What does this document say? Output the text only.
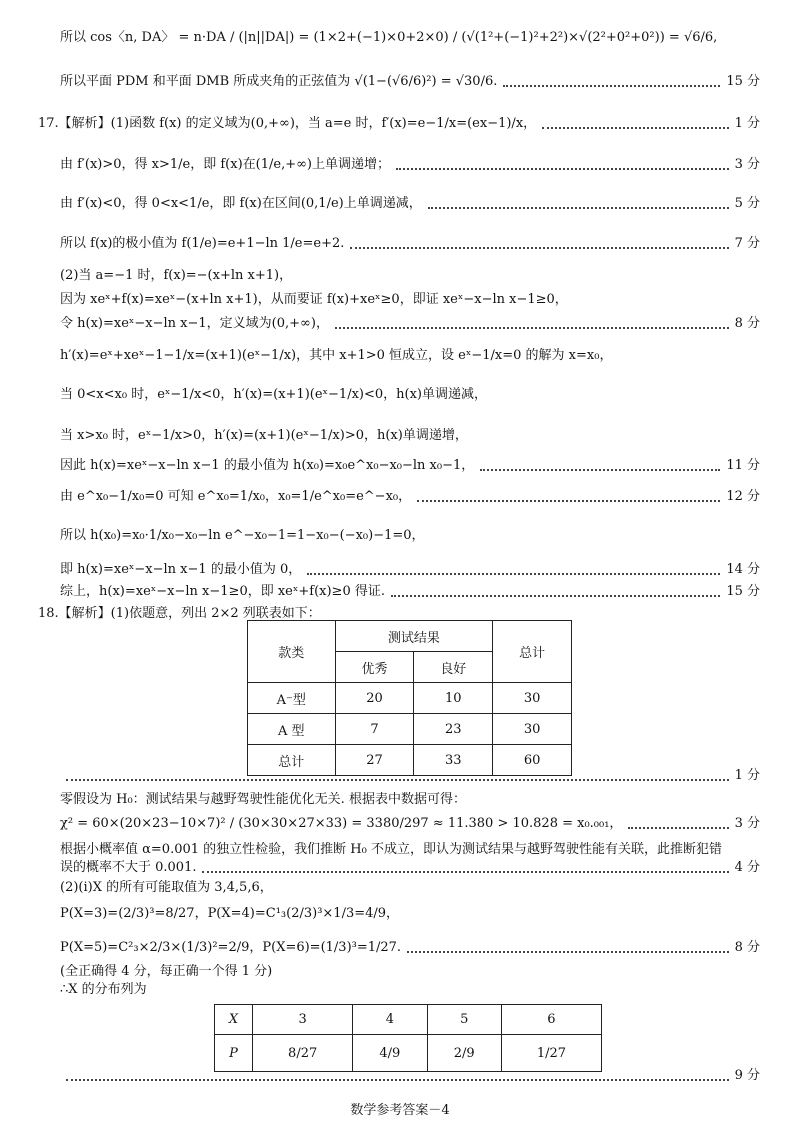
所以 cos〈n, DA〉 = n·DA / (|n||DA|) = (1×2+(−1)×0+2×0) / (√(1²+(−1)²+2²)×√(2²+0²+0²)) = √6/6,
所以平面 PDM 和平面 DMB 所成夹角的正弦值为 √(1−(√6/6)²) = √30/6.	15 分
17.【解析】(1)函数 f(x) 的定义域为(0,+∞)，当 a=e 时，f′(x)=e−1/x=(ex−1)/x，	1 分
由 f′(x)>0，得 x>1/e，即 f(x)在(1/e,+∞)上单调递增；	3 分
由 f′(x)<0，得 0<x<1/e，即 f(x)在区间(0,1/e)上单调递减，	5 分
所以 f(x)的极小值为 f(1/e)=e+1−ln 1/e=e+2.	7 分
(2)当 a=−1 时，f(x)=−(x+ln x+1)，
因为 xeˣ+f(x)=xeˣ−(x+ln x+1)，从而要证 f(x)+xeˣ≥0，即证 xeˣ−x−ln x−1≥0，
令 h(x)=xeˣ−x−ln x−1，定义域为(0,+∞)，	8 分
h′(x)=eˣ+xeˣ−1−1/x=(x+1)(eˣ−1/x)，其中 x+1>0 恒成立，设 eˣ−1/x=0 的解为 x=x₀，
当 0<x<x₀ 时，eˣ−1/x<0，h′(x)=(x+1)(eˣ−1/x)<0，h(x)单调递减，
当 x>x₀ 时，eˣ−1/x>0，h′(x)=(x+1)(eˣ−1/x)>0，h(x)单调递增，
因此 h(x)=xeˣ−x−ln x−1 的最小值为 h(x₀)=x₀e^x₀−x₀−ln x₀−1，	11 分
由 e^x₀−1/x₀=0 可知 e^x₀=1/x₀，x₀=1/e^x₀=e^−x₀，	12 分
所以 h(x₀)=x₀·1/x₀−x₀−ln e^−x₀−1=1−x₀−(−x₀)−1=0，
即 h(x)=xeˣ−x−ln x−1 的最小值为 0，	14 分
综上，h(x)=xeˣ−x−ln x−1≥0，即 xeˣ+f(x)≥0 得证.	15 分
18.【解析】(1)依题意，列出 2×2 列联表如下：
款类	测试结果		总计
	优秀	良好	
A⁻型	20	10	30
A 型	7	23	30
总计	27	33	60
1 分
零假设为 H₀：测试结果与越野驾驶性能优化无关. 根据表中数据可得：
χ² = 60×(20×23−10×7)² / (30×30×27×33) = 3380/297 ≈ 11.380 > 10.828 = x₀.₀₀₁，	3 分
根据小概率值 α=0.001 的独立性检验，我们推断 H₀ 不成立，即认为测试结果与越野驾驶性能有关联，此推断犯错
误的概率不大于 0.001.	4 分
(2)(i)X 的所有可能取值为 3,4,5,6，
P(X=3)=(2/3)³=8/27，P(X=4)=C¹₃(2/3)³×1/3=4/9，
P(X=5)=C²₃×2/3×(1/3)²=2/9，P(X=6)=(1/3)³=1/27.	8 分
(全正确得 4 分，每正确一个得 1 分)
∴X 的分布列为
X	3	4	5	6
P	8/27	4/9	2/9	1/27
9 分
数学参考答案－4
